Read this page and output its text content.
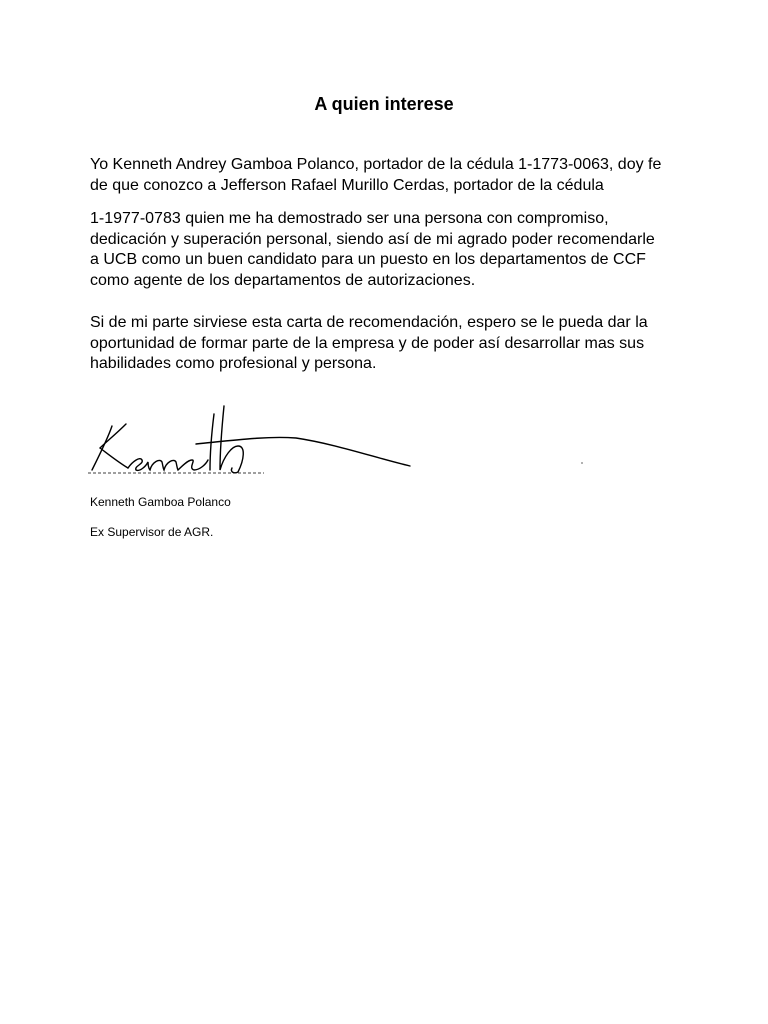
A quien interese

Yo Kenneth Andrey Gamboa Polanco, portador de la cédula 1-1773-0063, doy fe
de que conozco a Jefferson Rafael Murillo Cerdas, portador de la cédula

1-1977-0783 quien me ha demostrado ser una persona con compromiso,
dedicación y superación personal, siendo así de mi agrado poder recomendarle
a UCB como un buen candidato para un puesto en los departamentos de CCF
como agente de los departamentos de autorizaciones.

Si de mi parte sirviese esta carta de recomendación, espero se le pueda dar la
oportunidad de formar parte de la empresa y de poder así desarrollar mas sus
habilidades como profesional y persona.

Kenneth Gamboa Polanco

Ex Supervisor de AGR.
